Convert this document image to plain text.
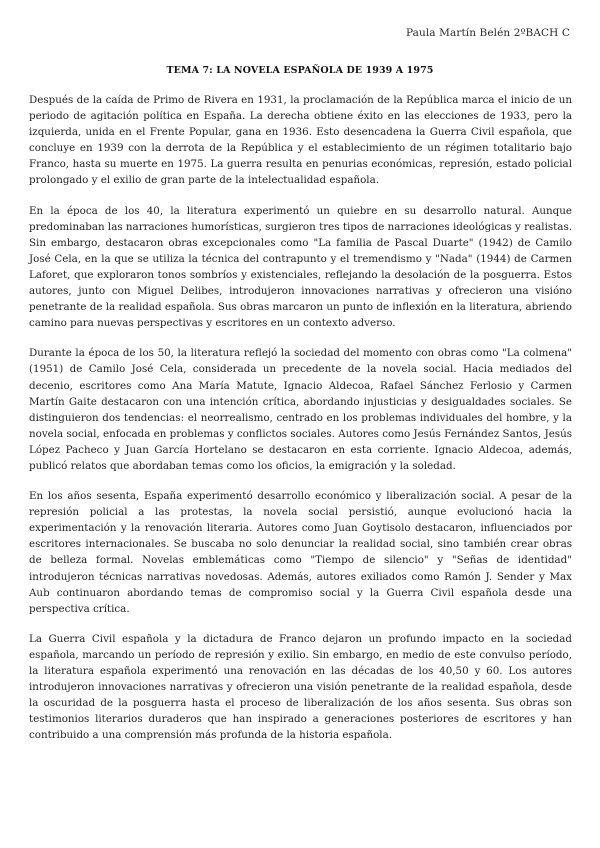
Paula Martín Belén 2ºBACH C
TEMA 7: LA NOVELA ESPAÑOLA DE 1939 A 1975

Después de la caída de Primo de Rivera en 1931, la proclamación de la República marca el inicio de un periodo de agitación política en España. La derecha obtiene éxito en las elecciones de 1933, pero la izquierda, unida en el Frente Popular, gana en 1936. Esto desencadena la Guerra Civil española, que concluye en 1939 con la derrota de la República y el establecimiento de un régimen totalitario bajo Franco, hasta su muerte en 1975. La guerra resulta en penurias económicas, represión, estado policial prolongado y el exilio de gran parte de la intelectualidad española.

En la época de los 40, la literatura experimentó un quiebre en su desarrollo natural. Aunque predominaban las narraciones humorísticas, surgieron tres tipos de narraciones ideológicas y realistas. Sin embargo, destacaron obras excepcionales como "La familia de Pascal Duarte" (1942) de Camilo José Cela, en la que se utiliza la técnica del contrapunto y el tremendismo y "Nada" (1944) de Carmen Laforet, que exploraron tonos sombríos y existenciales, reflejando la desolación de la posguerra. Estos autores, junto con Miguel Delibes, introdujeron innovaciones narrativas y ofrecieron una visióno penetrante de la realidad española. Sus obras marcaron un punto de inflexión en la literatura, abriendo camino para nuevas perspectivas y escritores en un contexto adverso.

Durante la época de los 50, la literatura reflejó la sociedad del momento con obras como "La colmena" (1951) de Camilo José Cela, considerada un precedente de la novela social. Hacia mediados del decenio, escritores como Ana María Matute, Ignacio Aldecoa, Rafael Sánchez Ferlosio y Carmen Martín Gaite destacaron con una intención crítica, abordando injusticias y desigualdades sociales. Se distinguieron dos tendencias: el neorrealismo, centrado en los problemas individuales del hombre, y la novela social, enfocada en problemas y conflictos sociales. Autores como Jesús Fernández Santos, Jesús López Pacheco y Juan García Hortelano se destacaron en esta corriente. Ignacio Aldecoa, además, publicó relatos que abordaban temas como los oficios, la emigración y la soledad.

En los años sesenta, España experimentó desarrollo económico y liberalización social. A pesar de la represión policial a las protestas, la novela social persistió, aunque evolucionó hacia la experimentación y la renovación literaria. Autores como Juan Goytisolo destacaron, influenciados por escritores internacionales. Se buscaba no solo denunciar la realidad social, sino también crear obras de belleza formal. Novelas emblemáticas como "Tiempo de silencio" y "Señas de identidad" introdujeron técnicas narrativas novedosas. Además, autores exiliados como Ramón J. Sender y Max Aub continuaron abordando temas de compromiso social y la Guerra Civil española desde una perspectiva crítica.

La Guerra Civil española y la dictadura de Franco dejaron un profundo impacto en la sociedad española, marcando un período de represión y exilio. Sin embargo, en medio de este convulso período, la literatura española experimentó una renovación en las décadas de los 40,50 y 60. Los autores introdujeron innovaciones narrativas y ofrecieron una visión penetrante de la realidad española, desde la oscuridad de la posguerra hasta el proceso de liberalización de los años sesenta. Sus obras son testimonios literarios duraderos que han inspirado a generaciones posteriores de escritores y han contribuido a una comprensión más profunda de la historia española.
